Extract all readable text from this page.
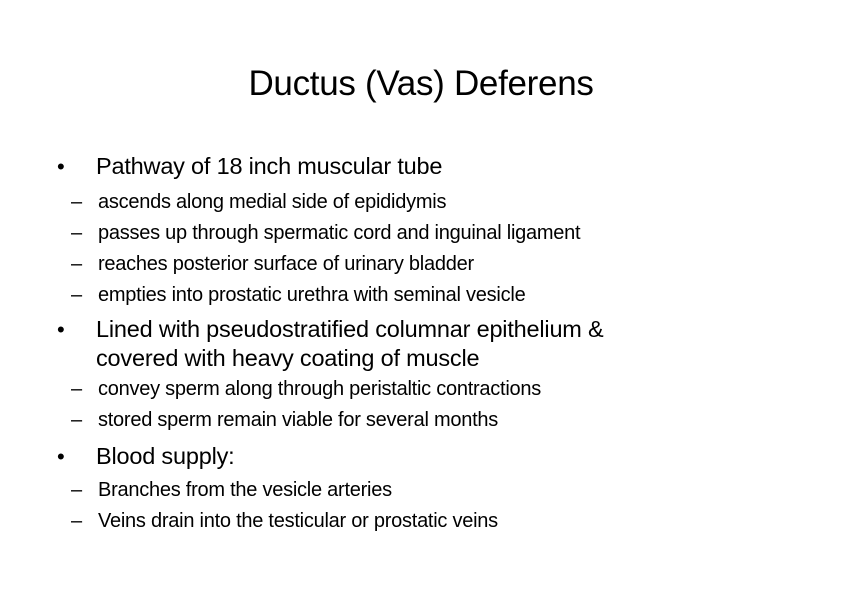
Ductus (Vas) Deferens
• Pathway of 18 inch muscular tube
– ascends along medial side of epididymis
– passes up through spermatic cord and inguinal ligament
– reaches posterior surface of urinary bladder
– empties into prostatic urethra with seminal vesicle
• Lined with pseudostratified columnar epithelium &
covered with heavy coating of muscle
– convey sperm along through peristaltic contractions
– stored sperm remain viable for several months
• Blood supply:
– Branches from the vesicle arteries
– Veins drain into the testicular or prostatic veins
